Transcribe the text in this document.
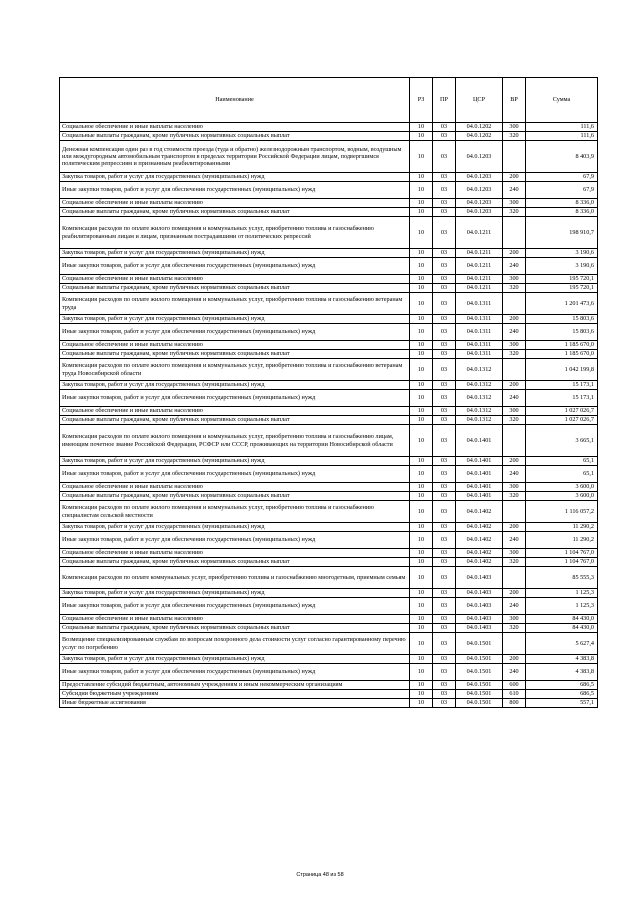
Наименование	РЗ	ПР	ЦСР	ВР	Сумма
Социальное обеспечение и иные выплаты населению	10	03	04.0.1202	300	111,6
Социальные выплаты гражданам, кроме публичных нормативных социальных выплат	10	03	04.0.1202	320	111,6
Денежная компенсация один раз в год стоимости проезда (туда и обратно) железнодорожным транспортом, водным, воздушным или междугородным автомобильным транспортом в пределах территории Российской Федерации лицам, подвергшимся политическим репрессиям и признанным реабилитированными	10	03	04.0.1203		8 403,9
Закупка товаров, работ и услуг для государственных (муниципальных) нужд	10	03	04.0.1203	200	67,9
Иные закупки товаров, работ и услуг для обеспечения государственных (муниципальных) нужд	10	03	04.0.1203	240	67,9
Социальное обеспечение и иные выплаты населению	10	03	04.0.1203	300	8 336,0
Социальные выплаты гражданам, кроме публичных нормативных социальных выплат	10	03	04.0.1203	320	8 336,0
Компенсация расходов по оплате жилого помещения и коммунальных услуг, приобретению топлива и газоснабжению реабилитированным лицам и лицам, признанным пострадавшими от политических репрессий	10	03	04.0.1211		198 910,7
Закупка товаров, работ и услуг для государственных (муниципальных) нужд	10	03	04.0.1211	200	3 190,6
Иные закупки товаров, работ и услуг для обеспечения государственных (муниципальных) нужд	10	03	04.0.1211	240	3 190,6
Социальное обеспечение и иные выплаты населению	10	03	04.0.1211	300	195 720,1
Социальные выплаты гражданам, кроме публичных нормативных социальных выплат	10	03	04.0.1211	320	195 720,1
Компенсация расходов по оплате жилого помещения и коммунальных услуг, приобретению топлива и газоснабжению ветеранам труда	10	03	04.0.1311		1 201 473,6
Закупка товаров, работ и услуг для государственных (муниципальных) нужд	10	03	04.0.1311	200	15 803,6
Иные закупки товаров, работ и услуг для обеспечения государственных (муниципальных) нужд	10	03	04.0.1311	240	15 803,6
Социальное обеспечение и иные выплаты населению	10	03	04.0.1311	300	1 185 670,0
Социальные выплаты гражданам, кроме публичных нормативных социальных выплат	10	03	04.0.1311	320	1 185 670,0
Компенсация расходов по оплате жилого помещения и коммунальных услуг, приобретению топлива и газоснабжению ветеранам труда Новосибирской области	10	03	04.0.1312		1 042 199,8
Закупка товаров, работ и услуг для государственных (муниципальных) нужд	10	03	04.0.1312	200	15 173,1
Иные закупки товаров, работ и услуг для обеспечения государственных (муниципальных) нужд	10	03	04.0.1312	240	15 173,1
Социальное обеспечение и иные выплаты населению	10	03	04.0.1312	300	1 027 026,7
Социальные выплаты гражданам, кроме публичных нормативных социальных выплат	10	03	04.0.1312	320	1 027 026,7
Компенсация расходов по оплате жилого помещения и коммунальных услуг, приобретению топлива и газоснабжению лицам, имеющим почетное звание Российской Федерации, РСФСР или СССР, проживающих на территории Новосибирской области	10	03	04.0.1401		3 665,1
Закупка товаров, работ и услуг для государственных (муниципальных) нужд	10	03	04.0.1401	200	65,1
Иные закупки товаров, работ и услуг для обеспечения государственных (муниципальных) нужд	10	03	04.0.1401	240	65,1
Социальное обеспечение и иные выплаты населению	10	03	04.0.1401	300	3 600,0
Социальные выплаты гражданам, кроме публичных нормативных социальных выплат	10	03	04.0.1401	320	3 600,0
Компенсация расходов по оплате жилого помещения и коммунальных услуг, приобретению топлива и газоснабжению специалистам сельской местности	10	03	04.0.1402		1 116 057,2
Закупка товаров, работ и услуг для государственных (муниципальных) нужд	10	03	04.0.1402	200	11 290,2
Иные закупки товаров, работ и услуг для обеспечения государственных (муниципальных) нужд	10	03	04.0.1402	240	11 290,2
Социальное обеспечение и иные выплаты населению	10	03	04.0.1402	300	1 104 767,0
Социальные выплаты гражданам, кроме публичных нормативных социальных выплат	10	03	04.0.1402	320	1 104 767,0
Компенсация расходов по оплате коммунальных услуг, приобретению топлива и газоснабжению многодетным, приемным семьям	10	03	04.0.1403		85 555,3
Закупка товаров, работ и услуг для государственных (муниципальных) нужд	10	03	04.0.1403	200	1 125,3
Иные закупки товаров, работ и услуг для обеспечения государственных (муниципальных) нужд	10	03	04.0.1403	240	1 125,3
Социальное обеспечение и иные выплаты населению	10	03	04.0.1403	300	84 430,0
Социальные выплаты гражданам, кроме публичных нормативных социальных выплат	10	03	04.0.1403	320	84 430,0
Возмещение специализированным службам по вопросам похоронного дела стоимости услуг согласно гарантированному перечню услуг по погребению	10	03	04.0.1501		5 627,4
Закупка товаров, работ и услуг для государственных (муниципальных) нужд	10	03	04.0.1501	200	4 383,8
Иные закупки товаров, работ и услуг для обеспечения государственных (муниципальных) нужд	10	03	04.0.1501	240	4 383,8
Предоставление субсидий бюджетным, автономным учреждениям и иным некоммерческим организациям	10	03	04.0.1501	600	686,5
Субсидии бюджетным учреждениям	10	03	04.0.1501	610	686,5
Иные бюджетные ассигнования	10	03	04.0.1501	800	557,1
Страница 48 из 58
